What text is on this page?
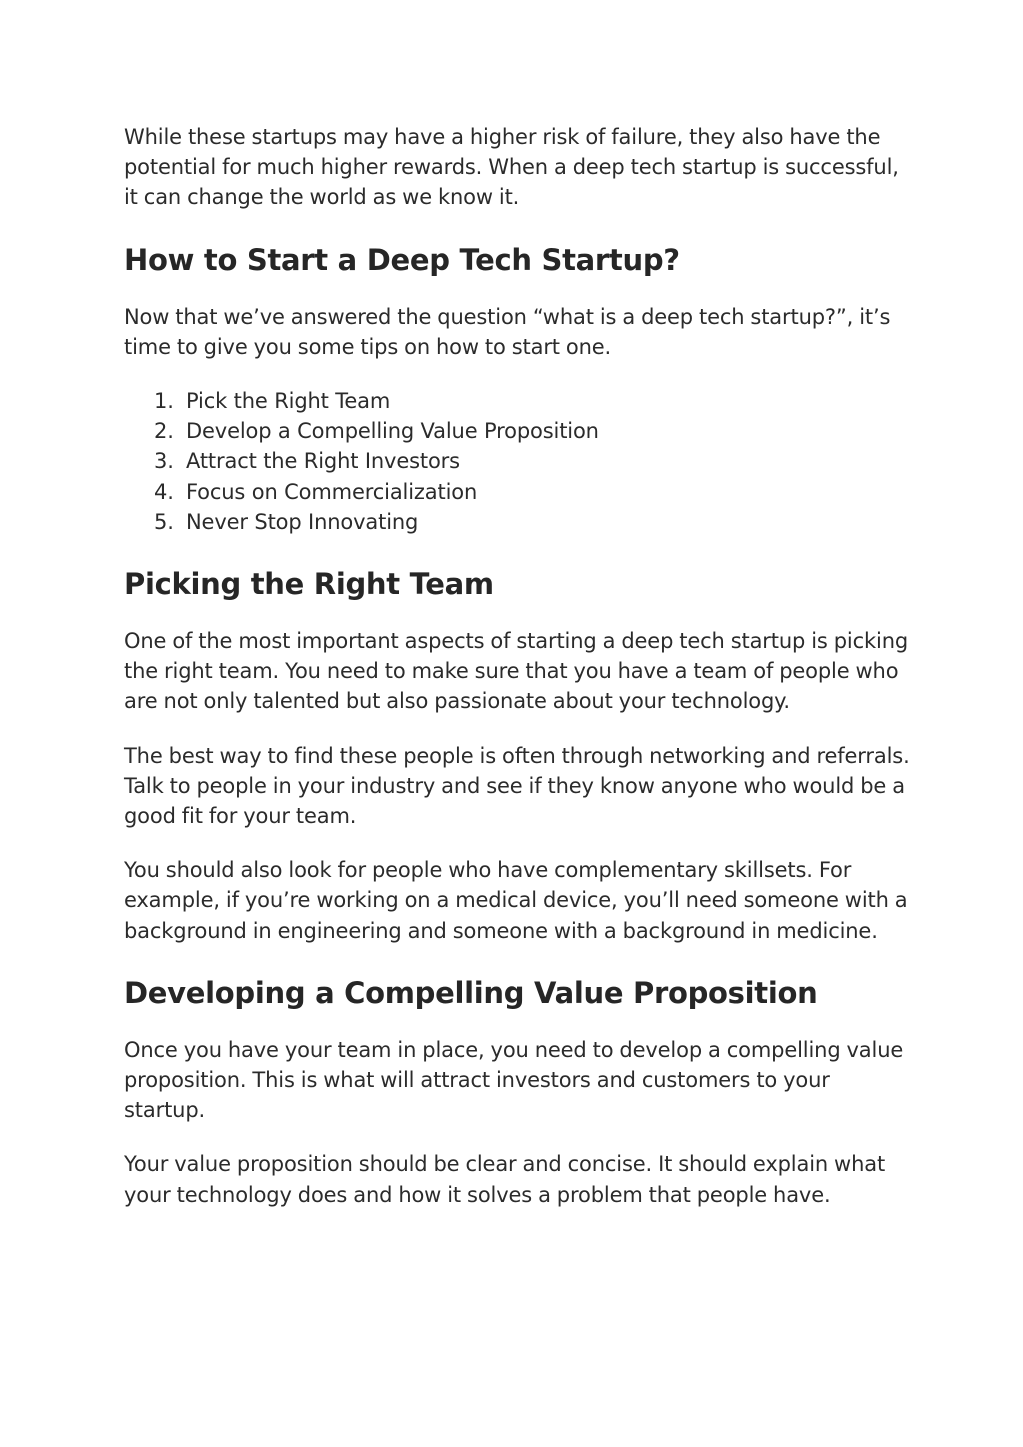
While these startups may have a higher risk of failure, they also have the potential for much higher rewards. When a deep tech startup is successful, it can change the world as we know it.

How to Start a Deep Tech Startup?

Now that we’ve answered the question “what is a deep tech startup?”, it’s time to give you some tips on how to start one.

1. Pick the Right Team
2. Develop a Compelling Value Proposition
3. Attract the Right Investors
4. Focus on Commercialization
5. Never Stop Innovating
Picking the Right Team

One of the most important aspects of starting a deep tech startup is picking the right team. You need to make sure that you have a team of people who are not only talented but also passionate about your technology.

The best way to find these people is often through networking and referrals. Talk to people in your industry and see if they know anyone who would be a good fit for your team.

You should also look for people who have complementary skillsets. For example, if you’re working on a medical device, you’ll need someone with a background in engineering and someone with a background in medicine.

Developing a Compelling Value Proposition

Once you have your team in place, you need to develop a compelling value proposition. This is what will attract investors and customers to your startup.

Your value proposition should be clear and concise. It should explain what your technology does and how it solves a problem that people have.
